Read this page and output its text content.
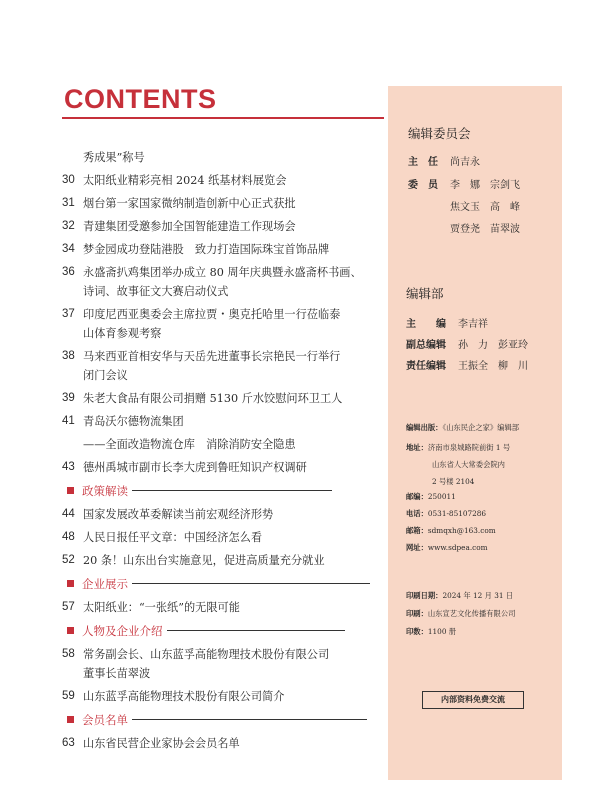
CONTENTS
秀成果”称号
30 太阳纸业精彩亮相 2024 纸基材料展览会
31 烟台第一家国家微纳制造创新中心正式获批
32 青建集团受邀参加全国智能建造工作现场会
34 梦金园成功登陆港股　致力打造国际珠宝首饰品牌
36 永盛斋扒鸡集团举办成立 80 周年庆典暨永盛斋杯书画、
诗词、故事征文大赛启动仪式
37 印度尼西亚奥委会主席拉贾・奥克托哈里一行莅临泰
山体育参观考察
38 马来西亚首相安华与天岳先进董事长宗艳民一行举行
闭门会议
39 朱老大食品有限公司捐赠 5130 斤水饺慰问环卫工人
41 青岛沃尔德物流集团
——全面改造物流仓库　消除消防安全隐患
43 德州禹城市副市长李大虎到鲁旺知识产权调研
政策解读
44 国家发展改革委解读当前宏观经济形势
48 人民日报任平文章：中国经济怎么看
52 20 条！山东出台实施意见，促进高质量充分就业
企业展示
57 太阳纸业：“一张纸”的无限可能
人物及企业介绍
58 常务副会长、山东蓝孚高能物理技术股份有限公司
董事长苗翠波
59 山东蓝孚高能物理技术股份有限公司简介
会员名单
63 山东省民营企业家协会会员名单
编辑委员会
主　任 尚吉永
委　员 李　娜　宗剑飞
焦文玉　高　峰
贾登尧　苗翠波
编辑部
主　　编 李吉祥
副总编辑 孙　力　彭亚玲
责任编辑 王振全　柳　川
编辑出版：《山东民企之家》编辑部
地址：济南市泉城路院前街 1 号
山东省人大常委会院内
2 号楼 2104
邮编：250011
电话：0531-85107286
邮箱：sdmqxh@163.com
网址：www.sdpea.com
印刷日期：2024 年 12 月 31 日
印刷：山东宣艺文化传播有限公司
印数：1100 册
内部资料免费交流
